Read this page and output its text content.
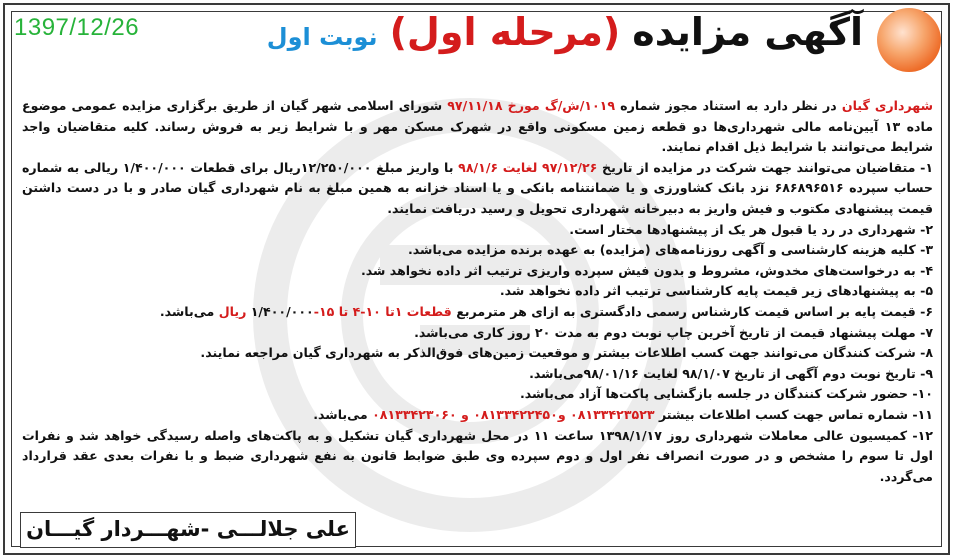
1397/12/26	آگهی مزایده
(مرحله اول)
نوبت اول

شهرداری گیان در نظر دارد به استناد مجوز شماره ۱۰۱۹/ش/گ مورخ ۹۷/۱۱/۱۸ شورای اسلامی شهر گیان از طریق برگزاری مزایده عمومی موضوع ماده ۱۳ آیین‌نامه مالی شهرداری‌ها دو قطعه زمین مسکونی واقع در شهرک مسکن مهر و با شرایط زیر به فروش رساند. کلیه متقاضیان واجد شرایط می‌توانند با شرایط ذیل اقدام نمایند.

۱- متقاضیان می‌توانند جهت شرکت در مزایده از تاریخ ۹۷/۱۲/۲۶ لغایت ۹۸/۱/۶ با واریز مبلغ ۱۲/۲۵۰/۰۰۰ریال برای قطعات ۱/۴۰۰/۰۰۰ ریالی به شماره حساب سپرده ۶۸۶۸۹۶۵۱۶ نزد بانک کشاورزی و یا ضمانتنامه بانکی و یا اسناد خزانه به همین مبلغ به نام شهرداری گیان صادر و با در دست داشتن قیمت پیشنهادی مکتوب و فیش واریز به دبیرخانه شهرداری تحویل و رسید دریافت نمایند.

۲- شهرداری در رد یا قبول هر یک از پیشنهادها مختار است.

۳- کلیه هزینه کارشناسی و آگهی روزنامه‌های (مزایده) به عهده برنده مزایده می‌باشد.

۴- به درخواست‌های مخدوش، مشروط و بدون فیش سپرده واریزی ترتیب اثر داده نخواهد شد.

۵- به پیشنهادهای زیر قیمت پایه کارشناسی ترتیب اثر داده نخواهد شد.

۶- قیمت پایه بر اساس قیمت کارشناس رسمی دادگستری به ازای هر مترمربع قطعات ۱تا ۱۰-۴ تا ۱۵-۱/۴۰۰/۰۰۰ ریال می‌باشد.

۷- مهلت پیشنهاد قیمت از تاریخ آخرین چاپ نوبت دوم به مدت ۲۰ روز کاری می‌باشد.

۸- شرکت کنندگان می‌توانند جهت کسب اطلاعات بیشتر و موقعیت زمین‌های فوق‌الذکر به شهرداری گیان مراجعه نمایند.

۹- تاریخ نوبت دوم آگهی از تاریخ ۹۸/۱/۰۷ لغایت ۹۸/۰۱/۱۶می‌باشد.

۱۰- حضور شرکت کنندگان در جلسه بازگشایی پاکت‌ها آزاد می‌باشد.

۱۱- شماره تماس جهت کسب اطلاعات بیشتر ۰۸۱۳۳۴۲۳۵۲۳ و۰۸۱۳۳۴۲۲۴۵۰ و ۰۸۱۳۳۴۲۳۰۶۰ می‌باشد.

۱۲- کمیسیون عالی معاملات شهرداری روز ۱۳۹۸/۱/۱۷ ساعت ۱۱ در محل شهرداری گیان تشکیل و به پاکت‌های واصله رسیدگی خواهد شد و نفرات اول تا سوم را مشخص و در صورت انصراف نفر اول و دوم سپرده وی طبق ضوابط قانون به نفع شهرداری ضبط و با نفرات بعدی عقد قرارداد می‌گردد.

علی جلالـــی -شهـــردار گیـــان
